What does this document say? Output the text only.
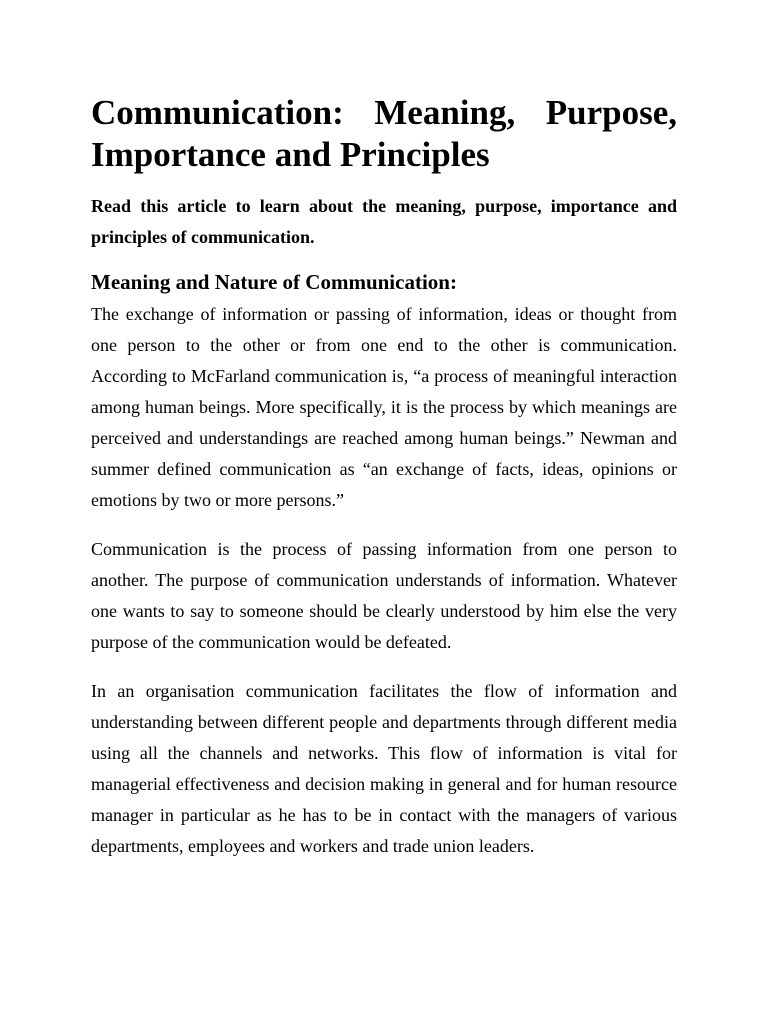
Communication: Meaning, Purpose,
Importance and Principles

Read this article to learn about the meaning, purpose, importance and principles of communication.

Meaning and Nature of Communication:

The exchange of information or passing of information, ideas or thought from one person to the other or from one end to the other is communication. According to McFarland communication is, “a process of meaningful interaction among human beings. More specifically, it is the process by which meanings are perceived and understandings are reached among human beings.” Newman and summer defined communication as “an exchange of facts, ideas, opinions or emotions by two or more persons.”

Communication is the process of passing information from one person to another. The purpose of communication understands of information. Whatever one wants to say to someone should be clearly understood by him else the very purpose of the communication would be defeated.

In an organisation communication facilitates the flow of information and understanding between different people and departments through different media using all the channels and networks. This flow of information is vital for managerial effectiveness and decision making in general and for human resource manager in particular as he has to be in contact with the managers of various departments, employees and workers and trade union leaders.
